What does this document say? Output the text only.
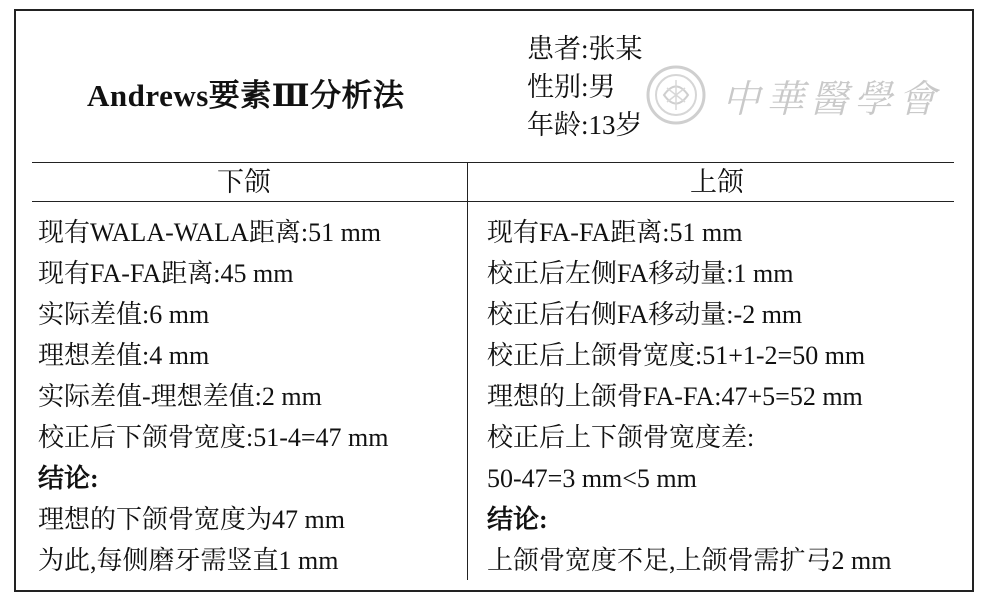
Andrews要素Ⅲ分析法
患者:张某
性别:男
年龄:13岁
中華醫學會
下颌	上颌
现有WALA-WALA距离:51 mm
现有FA-FA距离:45 mm
实际差值:6 mm
理想差值:4 mm
实际差值-理想差值:2 mm
校正后下颌骨宽度:51-4=47 mm
结论:
理想的下颌骨宽度为47 mm
为此,每侧磨牙需竖直1 mm
现有FA-FA距离:51 mm
校正后左侧FA移动量:1 mm
校正后右侧FA移动量:-2 mm
校正后上颌骨宽度:51+1-2=50 mm
理想的上颌骨FA-FA:47+5=52 mm
校正后上下颌骨宽度差:
50-47=3 mm<5 mm
结论:
上颌骨宽度不足,上颌骨需扩弓2 mm
